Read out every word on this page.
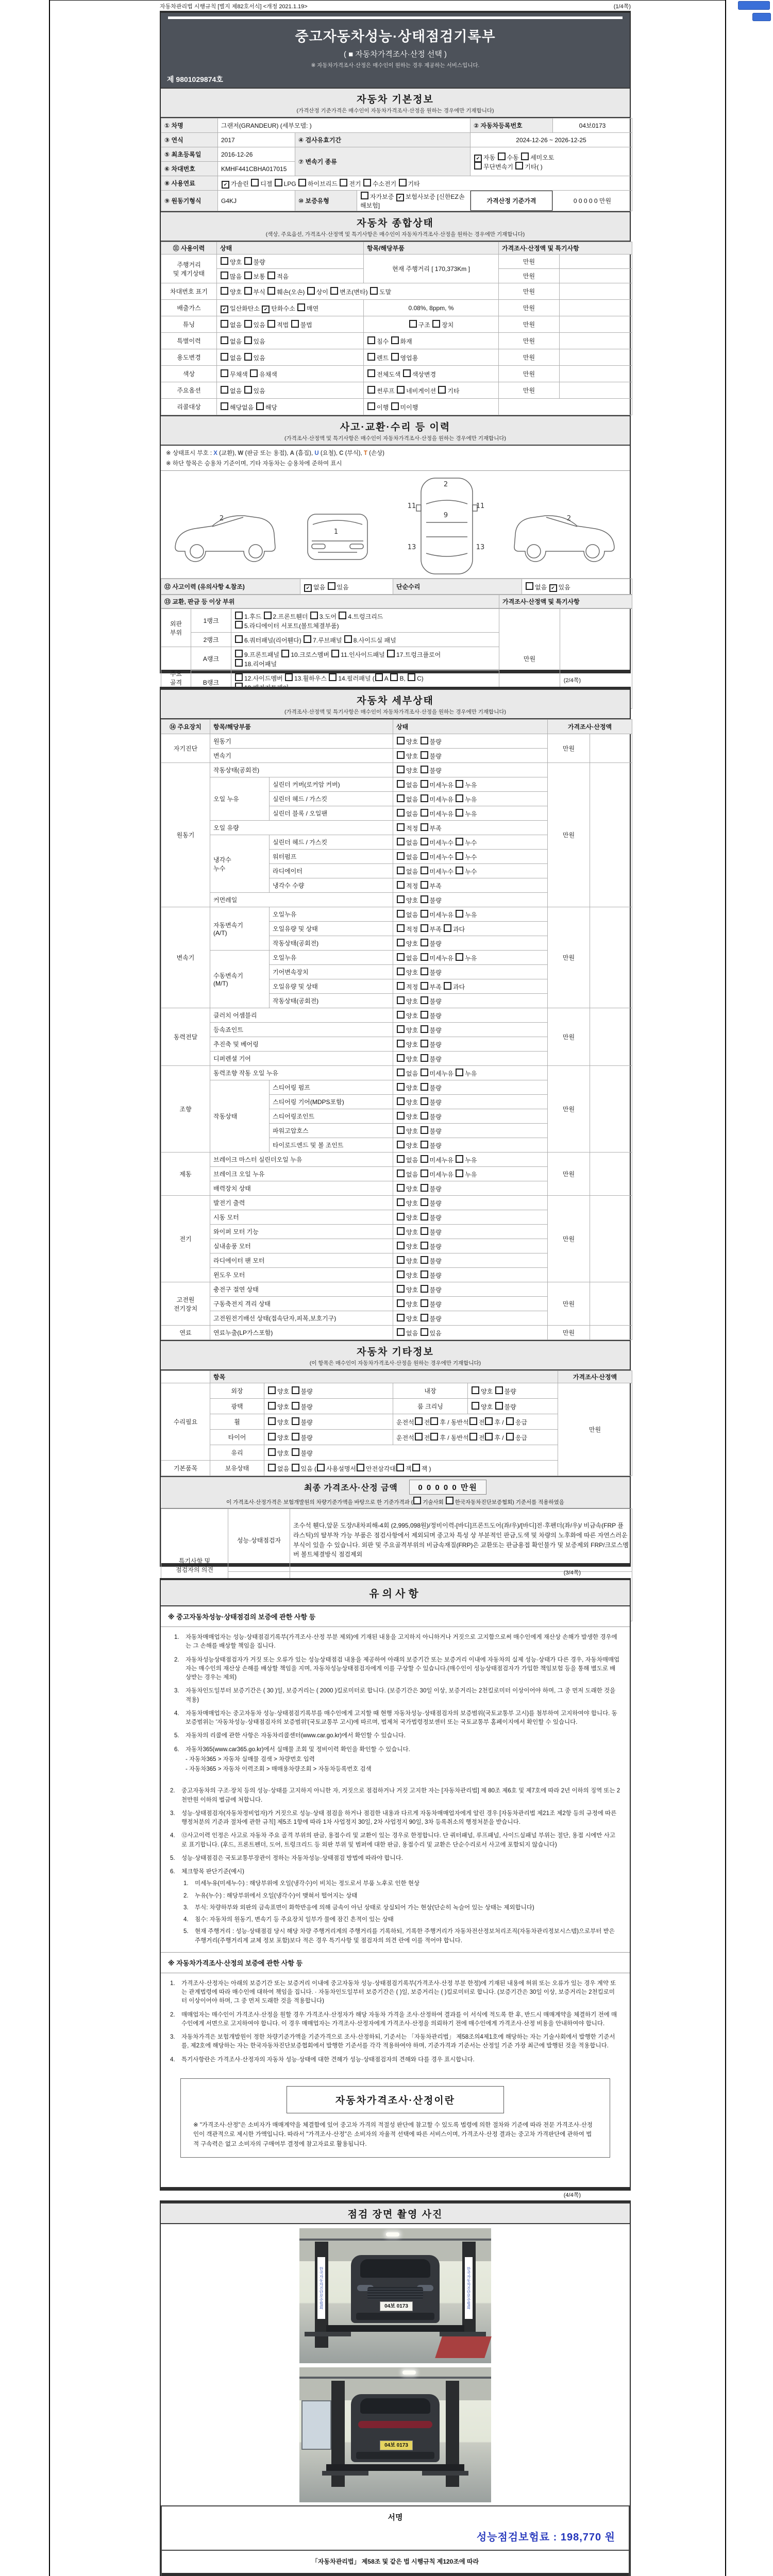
자동차관리법 시행규칙 [별지 제82호서식] <개정 2021.1.19>	(1/4쪽)
중고자동차성능·상태점검기록부
( ■ 자동차가격조사·산정 선택 )
※ 자동차가격조사·산정은 매수인이 원하는 경우 제공하는 서비스입니다.
제 9801029874호
자동차 기본정보
(가격산정 기준가격은 매수인이 자동차가격조사·산정을 원하는 경우에만 기재합니다)
① 차명	그랜저(GRANDEUR) (세부모델: )			② 자동차등록번호	04보0173
③ 연식	2017	④ 검사유효기간		2024-12-26 ~ 2026-12-25	
⑤ 최초등록일	2016-12-26	⑦ 변속기 종류	✔자동 수동 세미오토
무단변속기 기타( )
⑥ 차대번호	KMHF441CBHA017015				
⑧ 사용연료	✔가솔린 디젤 LPG 하이브리드 전기 수소전기 기타
⑨ 원동기형식	G4KJ	⑩ 보증유형	자가보증 ✔보험사보증 [신한EZ손해보험]	가격산정 기준가격	0 0 0 0 0 만원
자동차 종합상태
(색상, 주요옵션, 가격조사·산정액 및 특기사항은 매수인이 자동차가격조사·산정을 원하는 경우에만 기재합니다)
⑪ 사용이력	상태	항목/해당부품	가격조사·산정액 및 특기사항	
주행거리
및 계기상태	양호 불량	현재 주행거리 [ 170,373Km ]	만원	
	많음 보통 적음		만원	
차대번호 표기	양호 부식 훼손(오손) 상이 변조(변타) 도말		만원	
배출가스	✔일산화탄소 ✔탄화수소 매연	0.08%, 8ppm, %	만원	
튜닝	없음 있음 적법 불법	구조 장치	만원	
특별이력	없음 있음	침수 화재	만원	
용도변경	없음 있음	렌트 영업용	만원	
색상	무채색 유채색	전체도색 색상변경	만원	
주요옵션	없음 있음	썬루프 네비게이션 기타	만원	
리콜대상	해당없음 해당	이행 미이행		
사고·교환·수리 등 이력
(가격조사·산정액 및 특기사항은 매수인이 자동차가격조사·산정을 원하는 경우에만 기재합니다)
※ 상태표시 부호 : X (교환), W (판금 또는 용접), A (흠집), U (요철), C (부식), T (손상)
※ 하단 항목은 승용차 기준이며, 기타 자동차는 승용차에 준하여 표시
2
1
2
9
11	11
13	13
2
⑫ 사고이력 (유의사항 4.참조)	✔없음 있음	단순수리	없음 ✔있음
⑬ 교환, 판금 등 이상 부위	가격조사·산정액 및 특기사항
외판
부위	1랭크	1.후드 2.프론트휀더 3.도어 4.트렁크리드
5.라디에이터 서포트(볼트체결부품)	만원	
	2랭크	6.쿼터패널(리어휀다) 7.루브패널 8.사이드실 패널		
주요
골격	A랭크	9.프론트패널 10.크로스멤버 11.인사이드패널 17.트렁크플로어
18.리어패널		
	B랭크	12.사이드멤버 13.휠하우스 14.필러패널 ( A B, C)		

자동차 세부상태
(가격조사·산정액 및 특기사항은 매수인이 자동차가격조사·산정을 원하는 경우에만 기재합니다)
⑭ 주요장치	항목/해당부품		상태	가격조사·산정액	
자기진단	원동기		양호 불량	만원	
	변속기		양호 불량		
원동기	작동상태(공회전)		양호 불량	만원	
	오일 누유	실린더 커버(로커암 커버)	없음 미세누유 누유		
		실린더 헤드 / 가스킷	없음 미세누유 누유		
		실린더 블록 / 오일팬	없음 미세누유 누유		
	오일 유량		적정 부족		
	냉각수
누수	실린더 헤드 / 가스킷	없음 미세누수 누수		
		워터펌프	없음 미세누수 누수		
		라디에이터	없음 미세누수 누수		
		냉각수 수량	적정 부족		
	커먼레일		양호 불량		
변속기	자동변속기
(A/T)	오일누유	없음 미세누유 누유	만원	
		오일유량 및 상태	적정 부족 과다		
		작동상태(공회전)	양호 불량		
	수동변속기
(M/T)	오일누유	없음 미세누유 누유		
		기어변속장치	양호 불량		
		오일유량 및 상태	적정 부족 과다		
		작동상태(공회전)	양호 불량		
동력전달	클러치 어셈블리		양호 불량	만원	
	등속죠인트		양호 불량		
	추진축 및 베어링		양호 불량		
	디퍼렌셜 기어		양호 불량		
조향	동력조향 작동 오일 누유		없음 미세누유 누유	만원	
	작동상태	스티어링 펌프	양호 불량		
		스티어링 기어(MDPS포함)	양호 불량		
		스티어링조인트	양호 불량		
		파워고압호스	양호 불량		
		타이로드엔드 및 볼 조인트	양호 불량		
제동	브레이크 마스터 실린더오일 누유		없음 미세누유 누유	만원	
	브레이크 오일 누유		없음 미세누유 누유		
	배력장치 상태		양호 불량		
전기	발전기 출력		양호 불량	만원	
	시동 모터		양호 불량		
	와이퍼 모터 기능		양호 불량		
	실내송풍 모터		양호 불량		
	라디에이터 팬 모터		양호 불량		
	윈도우 모터		양호 불량		
고전원
전기장치	충전구 절연 상태		양호 불량	만원	
	구동축전지 격리 상태		양호 불량		
	고전원전기배선 상태(접속단자,피복,보호기구)		양호 불량		
연료	연료누출(LP가스포함)		없음 있음	만원	
자동차 기타정보
(이 항목은 매수인이 자동차가격조사·산정을 원하는 경우에만 기재합니다)
	항목				가격조사·산정액
수리필요	외장	양호 불량	내장	양호 불량	만원
	광택	양호 불량	룸 크리닝	양호 불량	
	휠	양호 불량	운전석 전 후 / 동반석 전 후 / 응급		
	타이어	양호 불량	운전석 전 후 / 동반석 전 후 / 응급		
	유리	양호 불량			
기본품목	보유상태	없음 있음 ( 사용설명서 안전삼각대 잭 잭 )			
최종 가격조사·산정 금액	0 0 0 0 0 만원
이 가격조사·산정가격은 보험개발원의 차량기준가액을 바탕으로 한 기준가격과 ( 기술사회 한국자동차진단보증협회) 기준서를 적용하였음
특기사항 및
점검자의 의견	성능·상태점검자	조수석 휀다,앞문 도장/내차피해-4회 (2,995,098원)/정비이력-[바디]프론트도어(좌/우)/[바디]전·후펜더(좌/우)/ 비금속(FRP 플라스틱)의 탈부착 가능 부품은 점검사항에서 제외되며 중고차 특성 상 부분적인 판금,도색 및 차량의 노후화에 따른 자연스러운 부식이 있을 수 있습니다. 외판 및 주요골격부위의 비금속재질(FRP)은 교환또는 판금용접 확인불가 및 보증제외 FRP/크로스멤버 볼트체결방식 점검제외

유의사항
※ 중고자동차성능·상태점검의 보증에 관한 사항 등
1.	자동차매매업자는 성능·상태점검기록부(가격조사·산정 부분 제외)에 기재된 내용을 고지하지 아니하거나 거짓으로 고지함으로써 매수인에게 재산상 손해가 발생한 경우에는 그 손해를 배상할 책임을 집니다.
2.	자동차성능상태점검자가 거짓 또는 오류가 있는 성능상태점검 내용을 제공하여 아래의 보증기간 또는 보증거리 이내에 자동차의 실제 성능·상태가 다른 경우, 자동차매매업자는 매수인의 재산상 손해를 배상할 책임을 지며, 자동차성능상태점검자에게 이를 구상할 수 있습니다.(매수인이 성능상태점검자가 가입한 책임보험 등을 통해 별도로 배상받는 경우는 제외)
3.	자동차인도일부터 보증기간은 ( 30 )일, 보증거리는 ( 2000 )킬로미터로 합니다. (보증기간은 30일 이상, 보증거리는 2천킬로미터 이상이어야 하며, 그 중 먼저 도래한 것을 적용)
4.	자동차매매업자는 중고자동차 성능·상태점검기록부를 매수인에게 고지할 때 현행 자동차성능·상태점검자의 보증범위(국토교통부 고시)를 첨부하여 고지하여야 합니다. 동 보증범위는 '자동차성능·상태점검자의 보증범위'(국토교통부 고시)에 따르며, 법제처 국가법령정보센터 또는 국토교통부 홈페이지에서 확인할 수 있습니다.
5.	자동차의 리콜에 관한 사항은 자동차리콜센터(www.car.go.kr)에서 확인할 수 있습니다.
6.	자동차365(www.car365.go.kr)에서 실매물 조회 및 정비이력 확인을 확인할 수 있습니다.
- 자동차365 > 자동차 실매물 검색 > 차량번호 입력
- 자동차365 > 자동차 이력조회 > 매매용차량조회 > 자동차등록번호 검색
2.	중고자동차의 구조·장치 등의 성능·상태를 고지하지 아니한 자, 거짓으로 점검하거나 거짓 고지한 자는 [자동차관리법] 제 80조 제6호 및 제7호에 따라 2년 이하의 징역 또는 2천만원 이하의 벌금에 처합니다.
3.	성능·상태점검자(자동차정비업자)가 거짓으로 성능·상태 점검을 하거나 점검한 내용과 다르게 자동차매매업자에게 알린 경우 [자동차관리법 제21조 제2항 등의 규정에 따른 행정처분의 기준과 절차에 관한 규칙] 제5조 1항에 따라 1차 사업정지 30일, 2차 사업정지 90일, 3차 등록취소의 행정처분을 받습니다.
4.	⑫사고이력 인정은 사고로 자동차 주요 골격 부위의 판금, 용접수리 및 교환이 있는 경우로 한정합니다. 단 쿼터패널, 루프패널, 사이드실패널 부위는 절단, 용접 시에만 사고로 표기합니다. (후드, 프론트펜더, 도어, 트렁크리드 등 외판 부위 및 범퍼에 대한 판금, 용접수리 및 교환은 단순수리로서 사고에 포함되지 않습니다)
5.	성능·상태점검은 국토교통부장관이 정하는 자동차성능·상태점검 방법에 따라야 합니다.
6.	체크항목 판단기준(예시)
1.	미세누유(미세누수) : 해당부위에 오일(냉각수)이 비치는 정도로서 부품 노후로 인한 현상
2.	누유(누수) : 해당부위에서 오일(냉각수)이 맺혀서 떨어지는 상태
3.	부식: 차량하부와 외판의 금속표면이 화학반응에 의해 금속이 아닌 상태로 상실되어 가는 현상(단순히 녹슬어 있는 상태는 제외합니다)
4.	침수: 자동차의 원동기, 변속기 등 주요장치 일부가 물에 잠긴 흔적이 있는 상태
5.	현재 주행거리 : 성능·상태점검 당시 해당 차량 주행거리계의 주행거리를 기록하되, 기록한 주행거리가 자동차전산정보처리조직(자동차관리정보시스템)으로부터 받은 주행거리(주행거리계 교체 정보 포함)보다 적은 경우 특기사항 및 점검자의 의견 란에 이를 적어야 합니다.
※ 자동차가격조사·산정의 보증에 관한 사항 등
1.	가격조사·산정자는 아래의 보증기간 또는 보증거리 이내에 중고자동차 성능·상태점검기록부(가격조사·산정 부분 한정)에 기재된 내용에 허위 또는 오류가 있는 경우 계약 또는 관계법령에 따라 매수인에 대하여 책임을 집니다. · 자동차인도일부터 보증기간은 ( )일, 보증거리는 ( )킬로미터로 합니다. (보증기간은 30일 이상, 보증거리는 2천킬로미터 이상이어야 하며, 그 중 먼저 도래한 것을 적용합니다)
2.	매매업자는 매수인이 가격조사·산정을 원할 경우 가격조사·산정자가 해당 자동차 가격을 조사·산정하여 결과를 이 서식에 적도록 한 후, 반드시 매매계약을 체결하기 전에 매수인에게 서면으로 고지하여야 합니다. 이 경우 매매업자는 가격조사·산정자에게 가격조사·산정을 의뢰하기 전에 매수인에게 가격조사·산정 비용을 안내하여야 합니다.
3.	자동차가격은 보험개발원이 정한 차량기준가액을 기준가격으로 조사·산정하되, 기준서는 「자동차관리법」 제58조의4제1호에 해당하는 자는 기술사회에서 발행한 기준서를, 제2호에 해당하는 자는 한국자동차진단보증협회에서 발행한 기준서를 각각 적용하여야 하며, 기준가격과 기준서는 산정일 기준 가장 최근에 발행된 것을 적용합니다.
4.	특기사항란은 가격조사·산정자의 자동차 성능·상태에 대한 견해가 성능·상태점검자의 견해와 다를 경우 표시합니다.
자동차가격조사·산정이란
※ "가격조사·산정"은 소비자가 매매계약을 체결함에 있어 중고차 가격의 적절성 판단에 참고할 수 있도록 법령에 의한 절차와 기준에 따라 전문 가격조사·산정인이 객관적으로 제시한 가액입니다. 따라서 "가격조사·산정"은 소비자의 자율적 선택에 따른 서비스이며, 가격조사·산정 결과는 중고차 가격판단에 관하여 법적 구속력은 없고 소비자의 구매여부 결정에 참고자료로 활용됩니다.
점검 장면 촬영 사진
한국자동차진단보증협회	한국자동차진단보증협회
04보 0173
04보 0173
서명
성능점검보험료 : 198,770 원
「자동차관리법」 제58조 및 같은 법 시행규칙 제120조에 따라
(2/4쪽)
(3/4쪽)
(4/4쪽)
